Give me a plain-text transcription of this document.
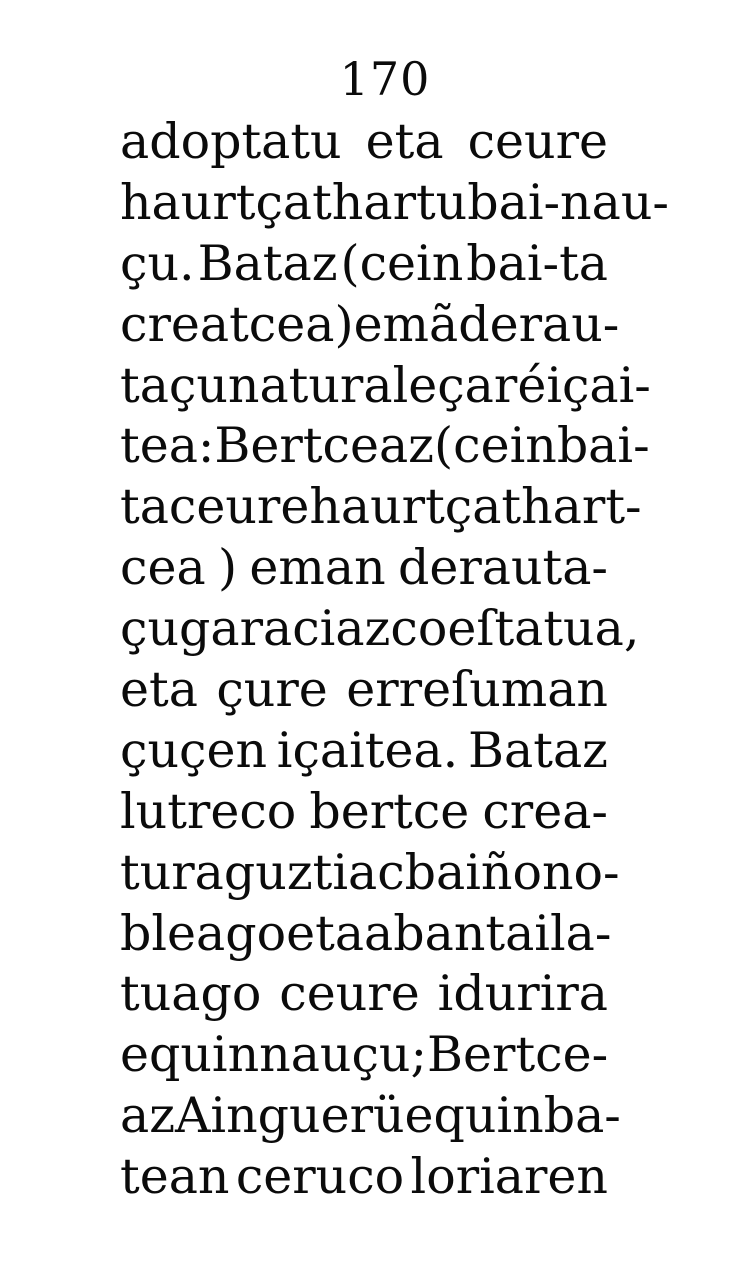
170
adoptatu eta ceure
haurtçat hartu bai-nau-
çu. Bataz (cein bai-ta
creatcea ) emã derau-
taçu naturaleçaré içai-
tea:Bertceaz (cein bai-
ta ceure haurtçat hart-
cea ) eman derauta-
çu garaciazco eſtatua,
eta çure erreſuman
çuçen içaitea. Bataz
lutreco bertce crea-
tura guztiac baiño no-
bleago eta abantaila-
tuago ceure idurira
equin nauçu ; Bertce-
az Ainguerüequin ba-
tean ceruco loriaren
